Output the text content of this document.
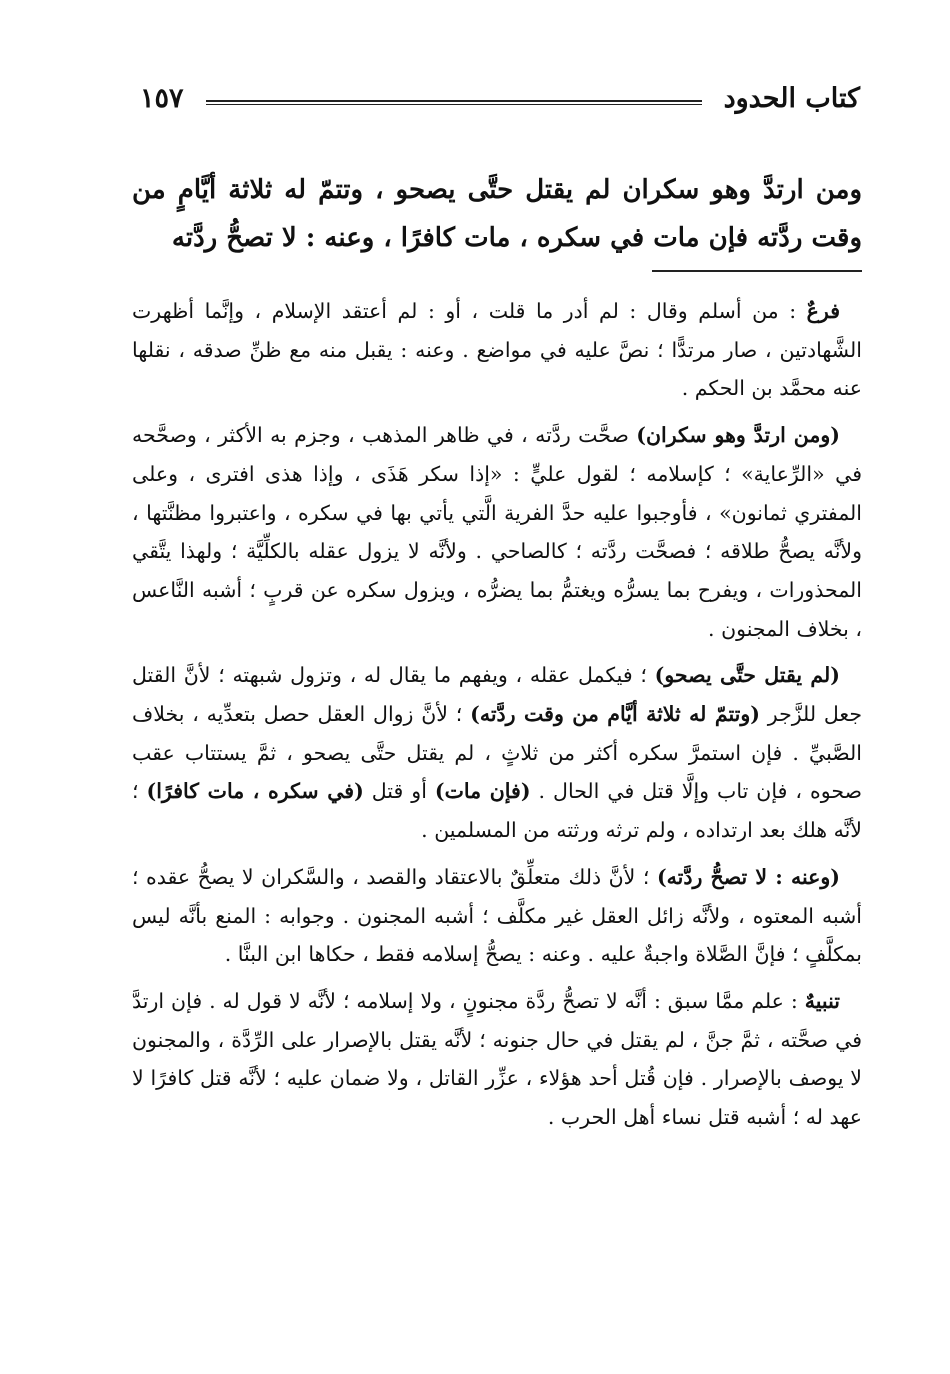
كتاب الحدود
١٥٧
ومن ارتدَّ وهو سكران لم يقتل حتَّى يصحو ، وتتمّ له ثلاثة أيَّامٍ من وقت ردَّته فإن مات في سكره ، مات كافرًا ، وعنه : لا تصحُّ ردَّته

فرعٌ : من أسلم وقال : لم أدر ما قلت ، أو : لم أعتقد الإسلام ، وإنَّما أظهرت الشَّهادتين ، صار مرتدًّا ؛ نصَّ عليه في مواضع . وعنه : يقبل منه مع ظنِّ صدقه ، نقلها عنه محمَّد بن الحكم .

(ومن ارتدَّ وهو سكران) صحَّت ردَّته ، في ظاهر المذهب ، وجزم به الأكثر ، وصحَّحه في «الرِّعاية» ؛ كإسلامه ؛ لقول عليٍّ : «إذا سكر هَذَى ، وإذا هذى افترى ، وعلى المفتري ثمانون» ، فأوجبوا عليه حدَّ الفرية الَّتي يأتي بها في سكره ، واعتبروا مظنَّتها ، ولأنَّه يصحُّ طلاقه ؛ فصحَّت ردَّته ؛ كالصاحي . ولأنَّه لا يزول عقله بالكلِّيَّة ؛ ولهذا يتَّقي المحذورات ، ويفرح بما يسرُّه ويغتمُّ بما يضرُّه ، ويزول سكره عن قربٍ ؛ أشبه النَّاعس ، بخلاف المجنون .

(لم يقتل حتَّى يصحو) ؛ فيكمل عقله ، ويفهم ما يقال له ، وتزول شبهته ؛ لأنَّ القتل جعل للزَّجر (وتتمّ له ثلاثة أيَّام من وقت ردَّته) ؛ لأنَّ زوال العقل حصل بتعدِّيه ، بخلاف الصَّبيِّ . فإن استمرَّ سكره أكثر من ثلاثٍ ، لم يقتل حتَّى يصحو ، ثمَّ يستتاب عقب صحوه ، فإن تاب وإلَّا قتل في الحال . (فإن مات) أو قتل (في سكره ، مات كافرًا) ؛ لأنَّه هلك بعد ارتداده ، ولم ترثه ورثته من المسلمين .

(وعنه : لا تصحُّ ردَّته) ؛ لأنَّ ذلك متعلِّقٌ بالاعتقاد والقصد ، والسَّكران لا يصحُّ عقده ؛ أشبه المعتوه ، ولأنَّه زائل العقل غير مكلَّف ؛ أشبه المجنون . وجوابه : المنع بأنَّه ليس بمكلَّفٍ ؛ فإنَّ الصَّلاة واجبةٌ عليه . وعنه : يصحُّ إسلامه فقط ، حكاها ابن البنَّا .

تنبيهٌ : علم ممَّا سبق : أنَّه لا تصحُّ ردَّة مجنونٍ ، ولا إسلامه ؛ لأنَّه لا قول له . فإن ارتدَّ في صحَّته ، ثمَّ جنَّ ، لم يقتل في حال جنونه ؛ لأنَّه يقتل بالإصرار على الرِّدَّة ، والمجنون لا يوصف بالإصرار . فإن قُتل أحد هؤلاء ، عزِّر القاتل ، ولا ضمان عليه ؛ لأنَّه قتل كافرًا لا عهد له ؛ أشبه قتل نساء أهل الحرب .
